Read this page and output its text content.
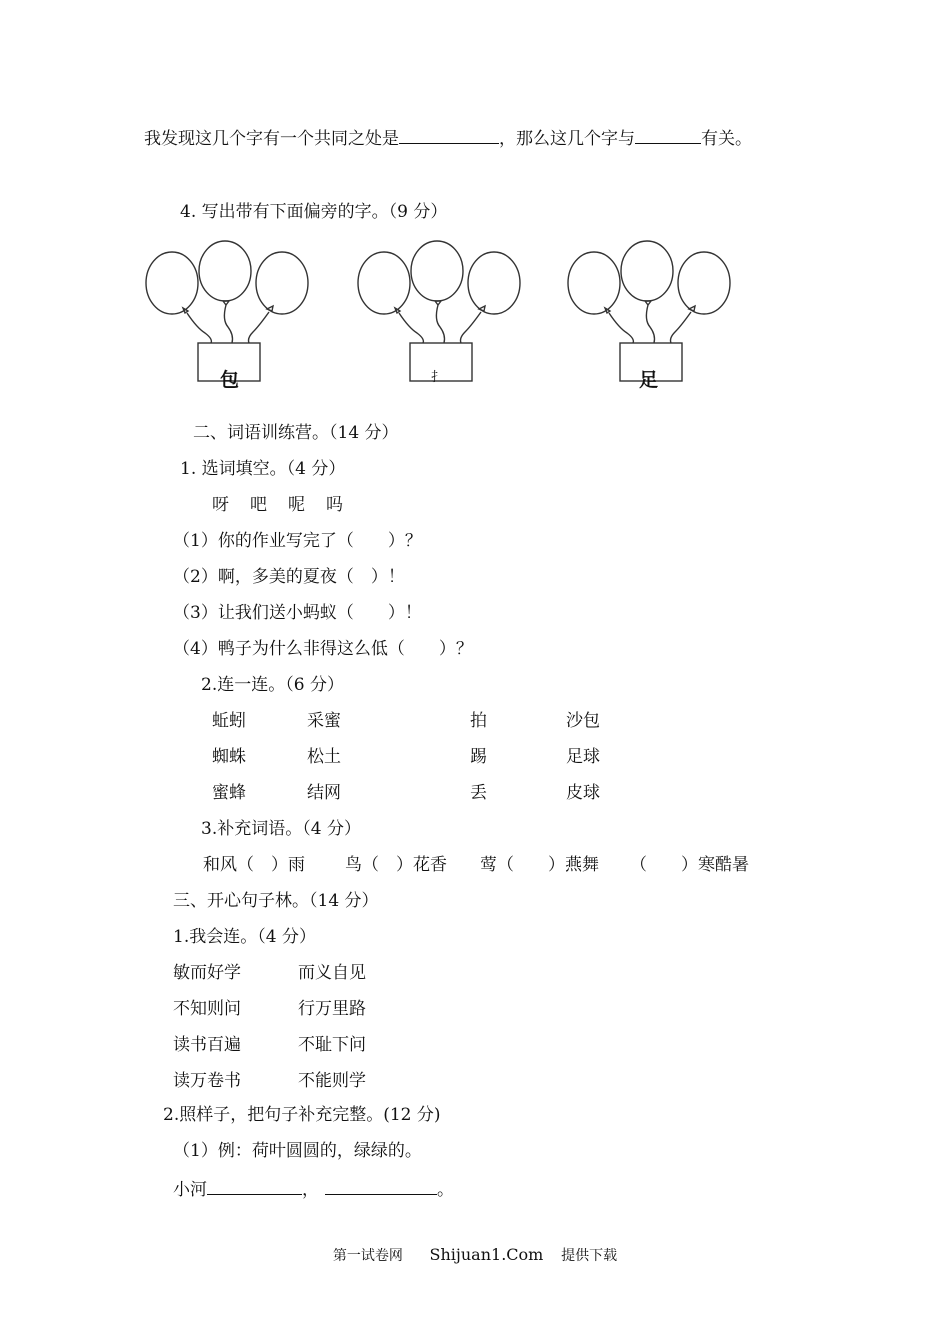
我发现这几个字有一个共同之处是	，那么这几个字与	有关。
4. 写出带有下面偏旁的字。（9 分）
包	扌	足
二、词语训练营。（14 分）
1. 选词填空。（4 分）
呀 吧 呢 吗
（1）你的作业写完了（　　）？
（2）啊，多美的夏夜（　）！
（3）让我们送小蚂蚁（　　）！
（4）鸭子为什么非得这么低（　　）？
2.连一连。（6 分）
蚯蚓	采蜜	拍	沙包
蜘蛛	松土	踢	足球
蜜蜂	结网	丢	皮球
3.补充词语。（4 分）
和风（　）雨 鸟（　）花香 莺（　　）燕舞 （　　）寒酷暑
三、开心句子林。（14 分）
1.我会连。（4 分）
敏而好学	而义自见
不知则问	行万里路
读书百遍	不耻下问
读万卷书	不能则学
2.照样子，把句子补充完整。(12 分)
（1）例：荷叶圆圆的，绿绿的。
小河	，	。
第一试卷网 Shijuan1.Com 提供下载
